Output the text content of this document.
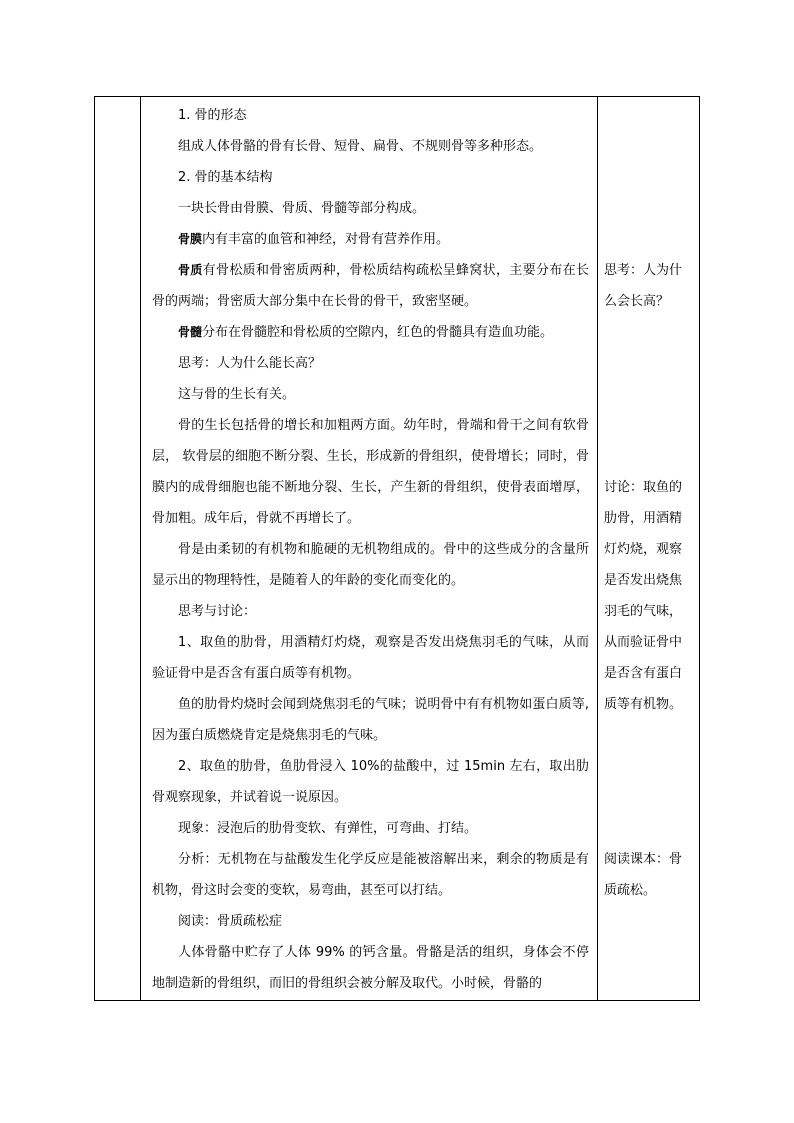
1. 骨的形态
组成人体骨骼的骨有长骨、短骨、扁骨、不规则骨等多种形态。
2. 骨的基本结构
一块长骨由骨膜、骨质、骨髓等部分构成。
骨膜内有丰富的血管和神经，对骨有营养作用。
骨质有骨松质和骨密质两种，骨松质结构疏松呈蜂窝状，主要分布在长骨的两端；骨密质大部分集中在长骨的骨干，致密坚硬。
骨髓分布在骨髓腔和骨松质的空隙内，红色的骨髓具有造血功能。
思考：人为什么能长高？
这与骨的生长有关。
骨的生长包括骨的增长和加粗两方面。幼年时，骨端和骨干之间有软骨层， 软骨层的细胞不断分裂、生长，形成新的骨组织，使骨增长；同时，骨膜内的成骨细胞也能不断地分裂、生长，产生新的骨组织，使骨表面增厚，骨加粗。成年后，骨就不再增长了。
骨是由柔韧的有机物和脆硬的无机物组成的。骨中的这些成分的含量所显示出的物理特性，是随着人的年龄的变化而变化的。
思考与讨论：
1、取鱼的肋骨，用酒精灯灼烧，观察是否发出烧焦羽毛的气味，从而验证骨中是否含有蛋白质等有机物。
鱼的肋骨灼烧时会闻到烧焦羽毛的气味；说明骨中有有机物如蛋白质等,因为蛋白质燃烧肯定是烧焦羽毛的气味。
2、取鱼的肋骨，鱼肋骨浸入 10%的盐酸中，过 15min 左右，取出肋骨观察现象，并试着说一说原因。
现象：浸泡后的肋骨变软、有弹性，可弯曲、打结。
分析：无机物在与盐酸发生化学反应是能被溶解出来，剩余的物质是有机物，骨这时会变的变软，易弯曲，甚至可以打结。
阅读：骨质疏松症
人体骨骼中贮存了人体 99% 的钙含量。骨骼是活的组织，身体会不停地制造新的骨组织，而旧的骨组织会被分解及取代。小时候，骨骼的
思考：人为什么会长高？
讨论：取鱼的肋骨，用酒精灯灼烧，观察是否发出烧焦羽毛的气味，从而验证骨中是否含有蛋白质等有机物。
阅读课本：骨质疏松。
